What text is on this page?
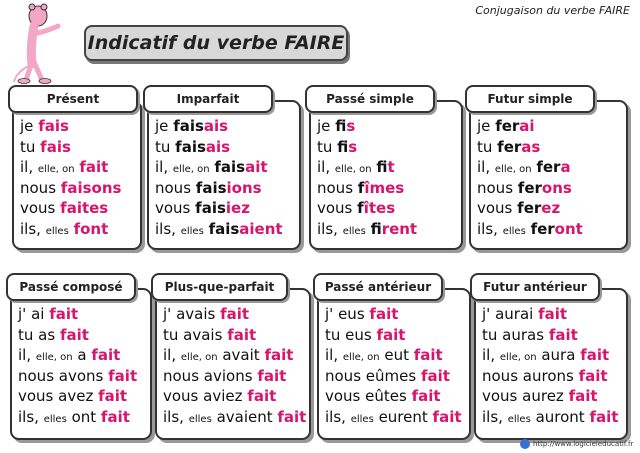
Conjugaison du verbe FAIRE
Indicatif du verbe FAIRE
je fais
tu fais
il, elle, on fait
nous faisons
vous faites
ils, elles font
Présent
je faisais
tu faisais
il, elle, on faisait
nous faisions
vous faisiez
ils, elles faisaient
Imparfait
je fis
tu fis
il, elle, on fit
nous fîmes
vous fîtes
ils, elles firent
Passé simple
je ferai
tu feras
il, elle, on fera
nous ferons
vous ferez
ils, elles feront
Futur simple
j' ai fait
tu as fait
il, elle, on a fait
nous avons fait
vous avez fait
ils, elles ont fait
Passé composé
j' avais fait
tu avais fait
il, elle, on avait fait
nous avions fait
vous aviez fait
ils, elles avaient fait
Plus-que-parfait
j' eus fait
tu eus fait
il, elle, on eut fait
nous eûmes fait
vous eûtes fait
ils, elles eurent fait
Passé antérieur
j' aurai fait
tu auras fait
il, elle, on aura fait
nous aurons fait
vous aurez fait
ils, elles auront fait
Futur antérieur
http://www.logicieleducatif.fr
